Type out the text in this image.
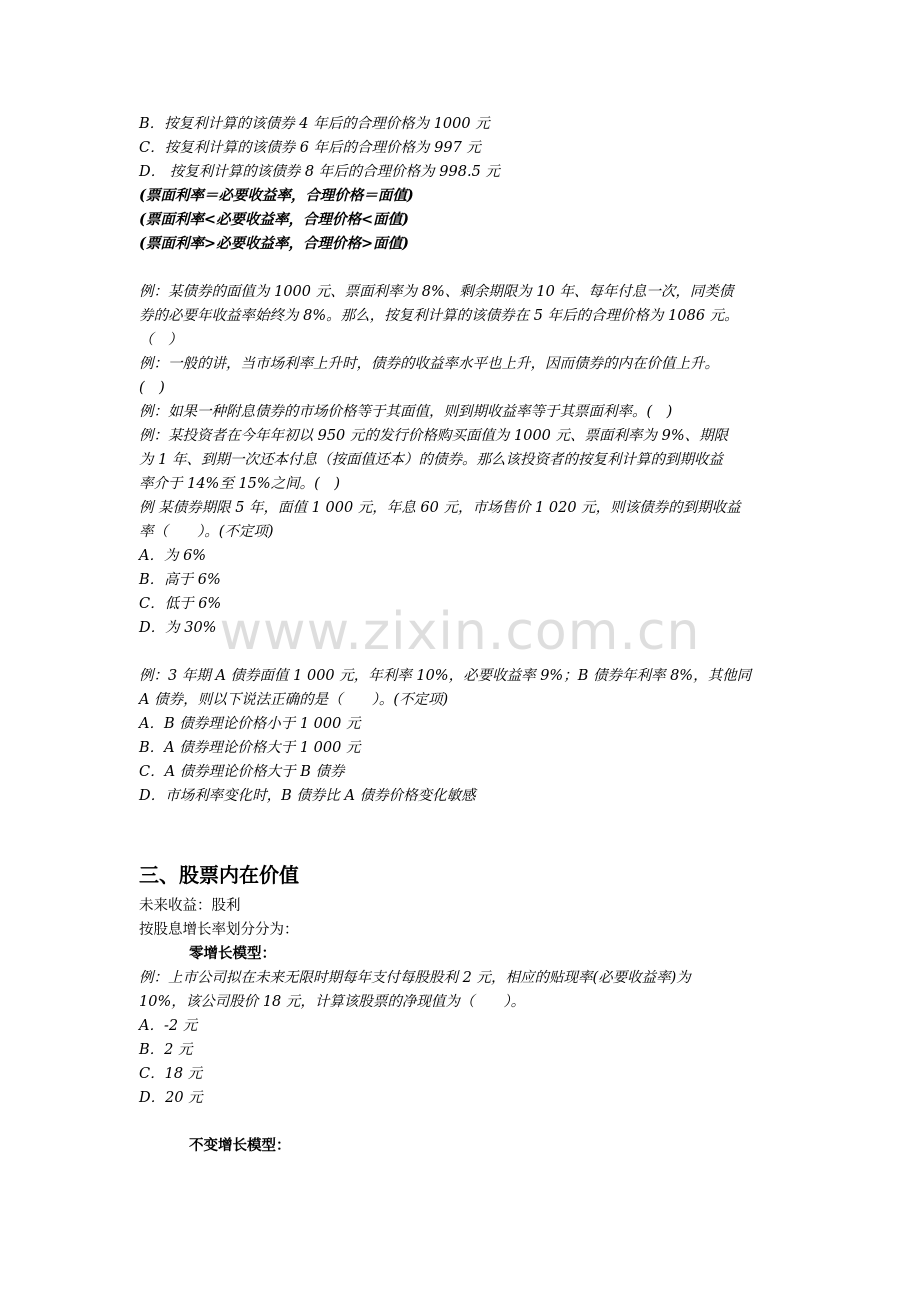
B．按复利计算的该债券 4 年后的合理价格为 1000 元
C．按复利计算的该债券 6 年后的合理价格为 997 元
D． 按复利计算的该债券 8 年后的合理价格为 998.5 元
(票面利率＝必要收益率，合理价格＝面值)
(票面利率<必要收益率，合理价格<面值)
(票面利率>必要收益率，合理价格>面值)
例：某债券的面值为 1000 元、票面利率为 8%、剩余期限为 10 年、每年付息一次，同类债
券的必要年收益率始终为 8%。那么，按复利计算的该债券在 5 年后的合理价格为 1086 元。
（　）
例：一般的讲，当市场利率上升时，债券的收益率水平也上升，因而债券的内在价值上升。
(　)
例：如果一种附息债券的市场价格等于其面值，则到期收益率等于其票面利率。(　)
例：某投资者在今年年初以 950 元的发行价格购买面值为 1000 元、票面利率为 9%、期限
为 1 年、到期一次还本付息（按面值还本）的债券。那么该投资者的按复利计算的到期收益
率介于 14%至 15%之间。(　)
例 某债券期限 5 年，面值 1 000 元，年息 60 元，市场售价 1 020 元，则该债券的到期收益
率（　　）。(不定项)
A．为 6%
B．高于 6%
C．低于 6%
D．为 30%
例：3 年期 A 债券面值 1 000 元，年利率 10%，必要收益率 9%；B 债券年利率 8%，其他同
A 债券，则以下说法正确的是（　　）。(不定项)
A．B 债券理论价格小于 1 000 元
B．A 债券理论价格大于 1 000 元
C．A 债券理论价格大于 B 债券
D．市场利率变化时，B 债券比 A 债券价格变化敏感
三、股票内在价值
未来收益：股利
按股息增长率划分分为：
零增长模型：
例：上市公司拟在未来无限时期每年支付每股股利 2 元，相应的贴现率(必要收益率)为
10%，该公司股价 18 元，计算该股票的净现值为（　　）。
A．-2 元
B．2 元
C．18 元
D．20 元
不变增长模型：
www.zixin.com.cn
